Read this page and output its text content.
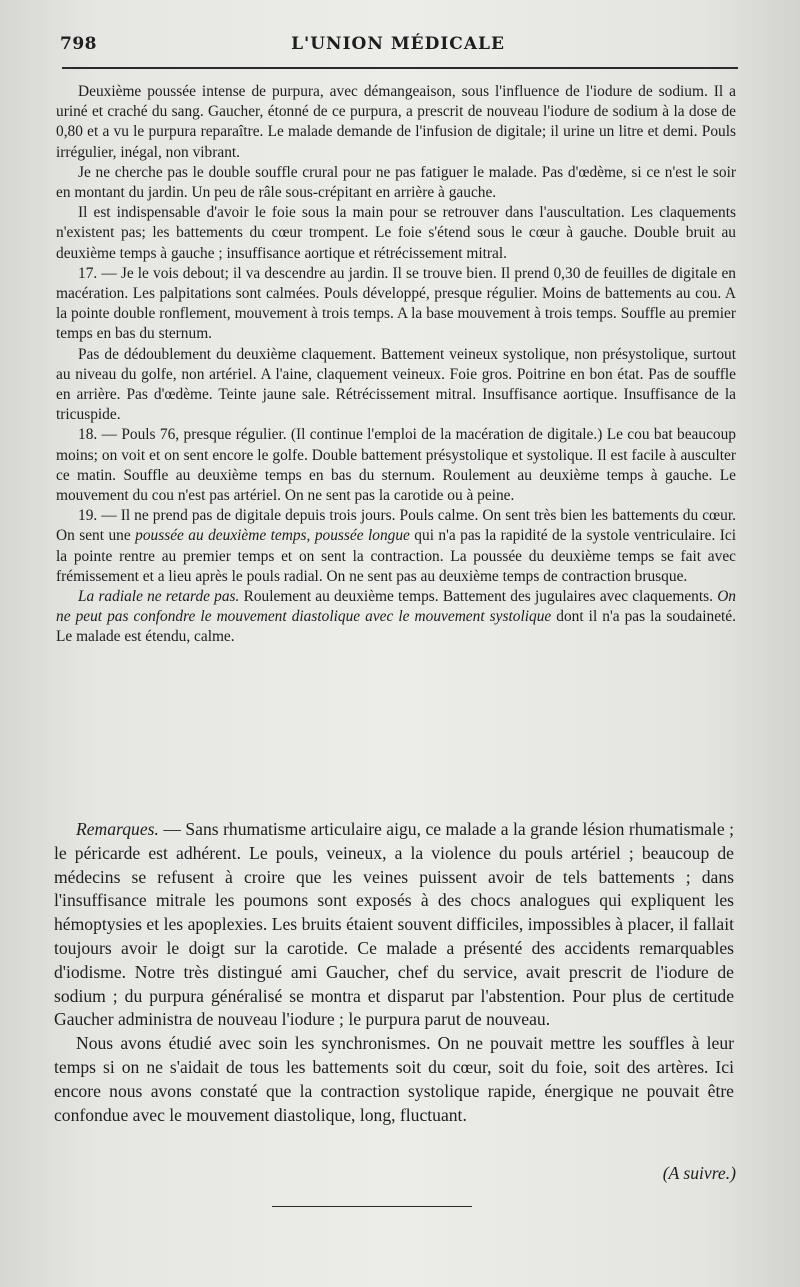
798	L'UNION MÉDICALE

Deuxième poussée intense de purpura, avec démangeaison, sous l'influence de l'iodure de sodium. Il a uriné et craché du sang. Gaucher, étonné de ce purpura, a prescrit de nouveau l'iodure de sodium à la dose de 0,80 et a vu le purpura reparaître. Le malade demande de l'infusion de digitale; il urine un litre et demi. Pouls irrégulier, inégal, non vibrant.

Je ne cherche pas le double souffle crural pour ne pas fatiguer le malade. Pas d'œdème, si ce n'est le soir en montant du jardin. Un peu de râle sous-crépitant en arrière à gauche.

Il est indispensable d'avoir le foie sous la main pour se retrouver dans l'auscultation. Les claquements n'existent pas; les battements du cœur trompent. Le foie s'étend sous le cœur à gauche. Double bruit au deuxième temps à gauche ; insuffisance aortique et rétrécissement mitral.

17. — Je le vois debout; il va descendre au jardin. Il se trouve bien. Il prend 0,30 de feuilles de digitale en macération. Les palpitations sont calmées. Pouls développé, presque régulier. Moins de battements au cou. A la pointe double ronflement, mouvement à trois temps. A la base mouvement à trois temps. Souffle au premier temps en bas du sternum.

Pas de dédoublement du deuxième claquement. Battement veineux systolique, non présystolique, surtout au niveau du golfe, non artériel. A l'aine, claquement veineux. Foie gros. Poitrine en bon état. Pas de souffle en arrière. Pas d'œdème. Teinte jaune sale. Rétrécissement mitral. Insuffisance aortique. Insuffisance de la tricuspide.

18. — Pouls 76, presque régulier. (Il continue l'emploi de la macération de digitale.) Le cou bat beaucoup moins; on voit et on sent encore le golfe. Double battement présystolique et systolique. Il est facile à ausculter ce matin. Souffle au deuxième temps en bas du sternum. Roulement au deuxième temps à gauche. Le mouvement du cou n'est pas artériel. On ne sent pas la carotide ou à peine.

19. — Il ne prend pas de digitale depuis trois jours. Pouls calme. On sent très bien les battements du cœur. On sent une poussée au deuxième temps, poussée longue qui n'a pas la rapidité de la systole ventriculaire. Ici la pointe rentre au premier temps et on sent la contraction. La poussée du deuxième temps se fait avec frémissement et a lieu après le pouls radial. On ne sent pas au deuxième temps de contraction brusque.

La radiale ne retarde pas. Roulement au deuxième temps. Battement des jugulaires avec claquements. On ne peut pas confondre le mouvement diastolique avec le mouvement systolique dont il n'a pas la soudaineté. Le malade est étendu, calme.

Remarques. — Sans rhumatisme articulaire aigu, ce malade a la grande lésion rhumatismale ; le péricarde est adhérent. Le pouls, veineux, a la violence du pouls artériel ; beaucoup de médecins se refusent à croire que les veines puissent avoir de tels battements ; dans l'insuffisance mitrale les poumons sont exposés à des chocs analogues qui expliquent les hémoptysies et les apoplexies. Les bruits étaient souvent difficiles, impossibles à placer, il fallait toujours avoir le doigt sur la carotide. Ce malade a présenté des accidents remarquables d'iodisme. Notre très distingué ami Gaucher, chef du service, avait prescrit de l'iodure de sodium ; du purpura généralisé se montra et disparut par l'abstention. Pour plus de certitude Gaucher administra de nouveau l'iodure ; le purpura parut de nouveau.

Nous avons étudié avec soin les synchronismes. On ne pouvait mettre les souffles à leur temps si on ne s'aidait de tous les battements soit du cœur, soit du foie, soit des artères. Ici encore nous avons constaté que la contraction systolique rapide, énergique ne pouvait être confondue avec le mouvement diastolique, long, fluctuant.

(A suivre.)
